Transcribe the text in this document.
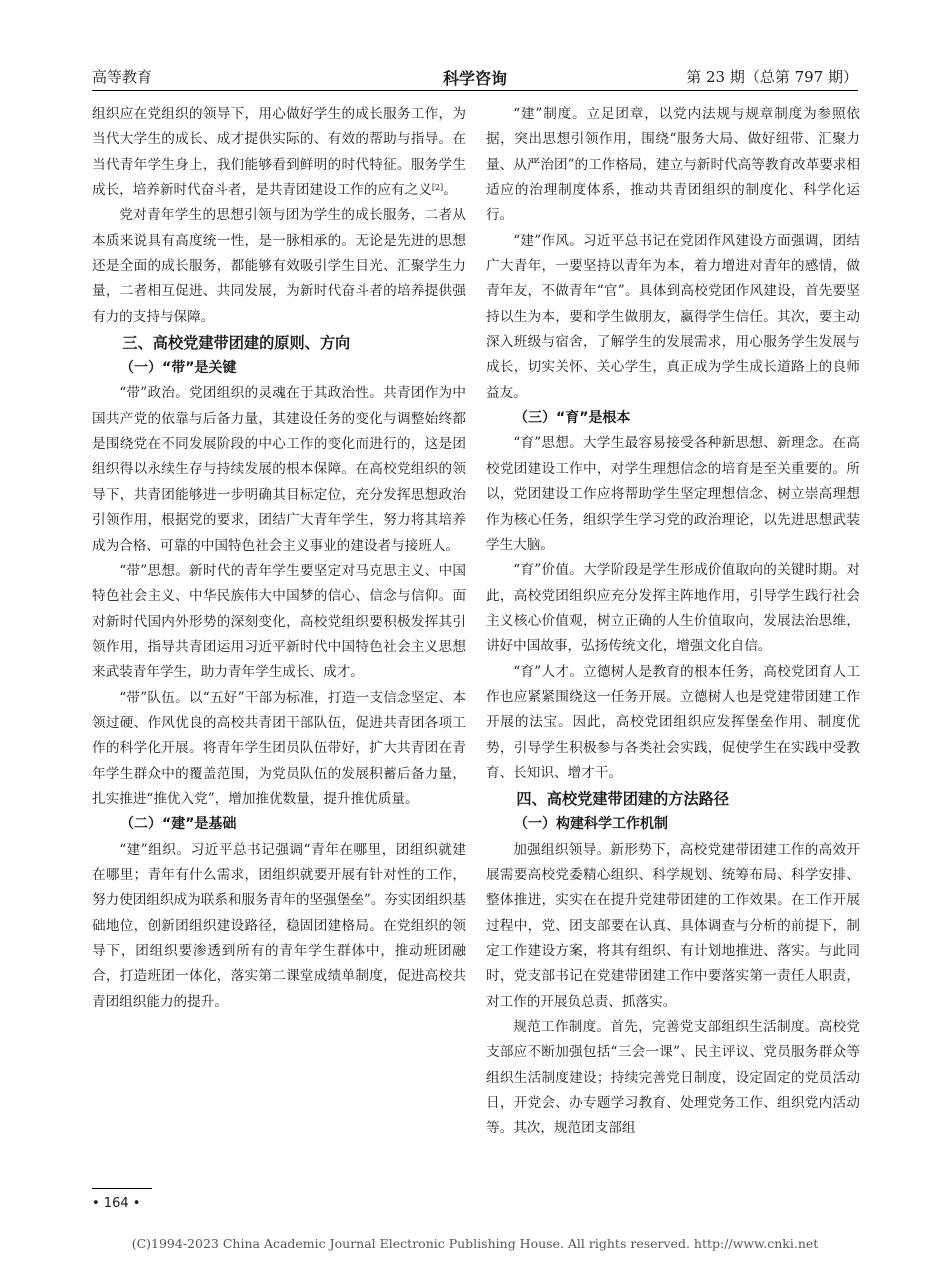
高等教育	科学咨询	第 23 期（总第 797 期）

组织应在党组织的领导下，用心做好学生的成长服务工作，为当代大学生的成长、成才提供实际的、有效的帮助与指导。在当代青年学生身上，我们能够看到鲜明的时代特征。服务学生成长，培养新时代奋斗者，是共青团建设工作的应有之义[2]。

党对青年学生的思想引领与团为学生的成长服务，二者从本质来说具有高度统一性，是一脉相承的。无论是先进的思想还是全面的成长服务，都能够有效吸引学生目光、汇聚学生力量，二者相互促进、共同发展，为新时代奋斗者的培养提供强有力的支持与保障。

三、高校党建带团建的原则、方向
（一）“带”是关键

“带”政治。党团组织的灵魂在于其政治性。共青团作为中国共产党的依靠与后备力量，其建设任务的变化与调整始终都是围绕党在不同发展阶段的中心工作的变化而进行的，这是团组织得以永续生存与持续发展的根本保障。在高校党组织的领导下，共青团能够进一步明确其目标定位，充分发挥思想政治引领作用，根据党的要求，团结广大青年学生，努力将其培养成为合格、可靠的中国特色社会主义事业的建设者与接班人。

“带”思想。新时代的青年学生要坚定对马克思主义、中国特色社会主义、中华民族伟大中国梦的信心、信念与信仰。面对新时代国内外形势的深刻变化，高校党组织要积极发挥其引领作用，指导共青团运用习近平新时代中国特色社会主义思想来武装青年学生，助力青年学生成长、成才。

“带”队伍。以“五好”干部为标准，打造一支信念坚定、本领过硬、作风优良的高校共青团干部队伍，促进共青团各项工作的科学化开展。将青年学生团员队伍带好，扩大共青团在青年学生群众中的覆盖范围，为党员队伍的发展积蓄后备力量，扎实推进“推优入党”，增加推优数量，提升推优质量。

（二）“建”是基础

“建”组织。习近平总书记强调“青年在哪里，团组织就建在哪里；青年有什么需求，团组织就要开展有针对性的工作，努力使团组织成为联系和服务青年的坚强堡垒”。夯实团组织基础地位，创新团组织建设路径，稳固团建格局。在党组织的领导下，团组织要渗透到所有的青年学生群体中，推动班团融合，打造班团一体化，落实第二课堂成绩单制度，促进高校共青团组织能力的提升。

“建”制度。立足团章，以党内法规与规章制度为参照依据，突出思想引领作用，围绕“服务大局、做好纽带、汇聚力量、从严治团”的工作格局，建立与新时代高等教育改革要求相适应的治理制度体系，推动共青团组织的制度化、科学化运行。

“建”作风。习近平总书记在党团作风建设方面强调，团结广大青年，一要坚持以青年为本，着力增进对青年的感情，做青年友，不做青年“官”。具体到高校党团作风建设，首先要坚持以生为本，要和学生做朋友，赢得学生信任。其次，要主动深入班级与宿舍，了解学生的发展需求，用心服务学生发展与成长，切实关怀、关心学生，真正成为学生成长道路上的良师益友。

（三）“育”是根本

“育”思想。大学生最容易接受各种新思想、新理念。在高校党团建设工作中，对学生理想信念的培育是至关重要的。所以，党团建设工作应将帮助学生坚定理想信念、树立崇高理想作为核心任务，组织学生学习党的政治理论，以先进思想武装学生大脑。

“育”价值。大学阶段是学生形成价值取向的关键时期。对此，高校党团组织应充分发挥主阵地作用，引导学生践行社会主义核心价值观，树立正确的人生价值取向，发展法治思维，讲好中国故事，弘扬传统文化，增强文化自信。

“育”人才。立德树人是教育的根本任务，高校党团育人工作也应紧紧围绕这一任务开展。立德树人也是党建带团建工作开展的法宝。因此，高校党团组织应发挥堡垒作用、制度优势，引导学生积极参与各类社会实践，促使学生在实践中受教育、长知识、增才干。

四、高校党建带团建的方法路径
（一）构建科学工作机制

加强组织领导。新形势下，高校党建带团建工作的高效开展需要高校党委精心组织、科学规划、统筹布局、科学安排、整体推进，实实在在提升党建带团建的工作效果。在工作开展过程中，党、团支部要在认真、具体调查与分析的前提下，制定工作建设方案，将其有组织、有计划地推进、落实。与此同时，党支部书记在党建带团建工作中要落实第一责任人职责，对工作的开展负总责、抓落实。

规范工作制度。首先，完善党支部组织生活制度。高校党支部应不断加强包括“三会一课”、民主评议、党员服务群众等组织生活制度建设；持续完善党日制度，设定固定的党员活动日，开党会、办专题学习教育、处理党务工作、组织党内活动等。其次，规范团支部组

• 164 •
(C)1994-2023 China Academic Journal Electronic Publishing House. All rights reserved. http://www.cnki.net
